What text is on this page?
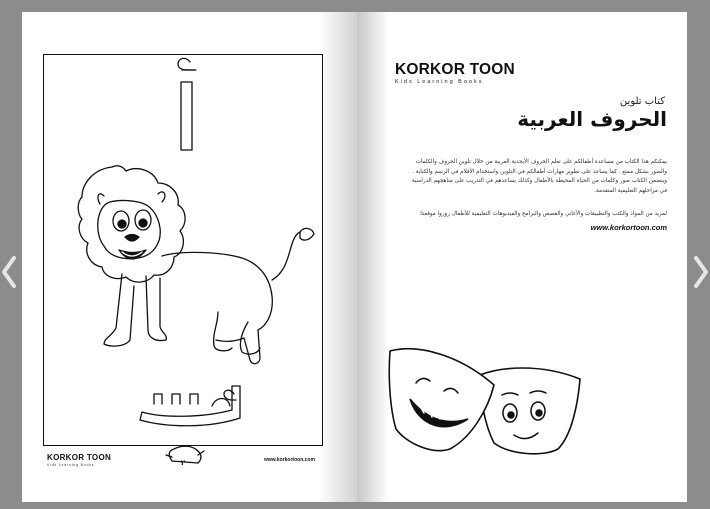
KORKOR TOON
Kids Learning Books	٢	www.korkortoon.com
KORKOR TOON
Kids Learning Books
كتاب تلوين
الحروف العربية

يمكنكم هذا الكتاب من مساعدة أطفالكم على تعلم الحروف الأبجدية العربية من خلال تلوين الحروف والكلمات

والصور بشكل ممتع . كما يساعد على تطوير مهارات أطفالكم في التلوين واستخدام الأقلام في الرسم والكتابة .

ويتضمن الكتاب صور وكلمات من الحياة المحيطة بالأطفال وكذلك يساعدهم في التدريب على مناهجهم الدراسية

في مراحلهم التعليمية المتقدمة.

لمزيد من المواد والكتب والتطبيقات والأغاني والقصص والبرامج والفيديوهات التعليمية للأطفال زوروا موقعنا:
www.korkortoon.com
